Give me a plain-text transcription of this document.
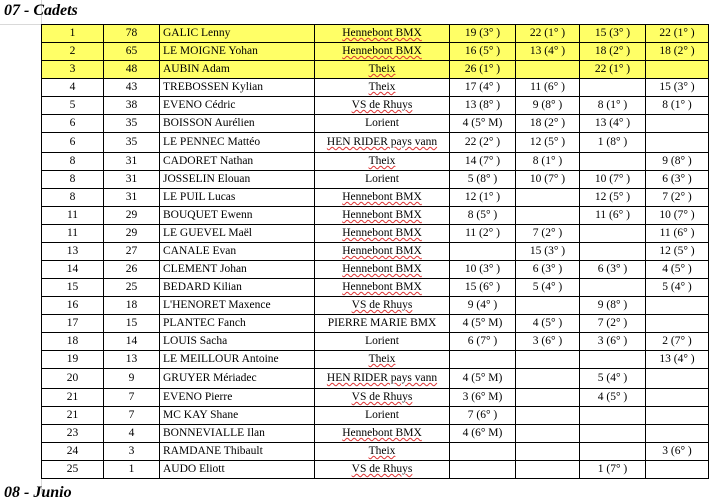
07 - Cadets
1	78	GALIC Lenny	Hennebont BMX	19 (3° )	22 (1° )	15 (3° )	22 (1° )
2	65	LE MOIGNE Yohan	Hennebont BMX	16 (5° )	13 (4° )	18 (2° )	18 (2° )
3	48	AUBIN Adam	Theix	26 (1° )		22 (1° )	
4	43	TREBOSSEN Kylian	Theix	17 (4° )	11 (6° )		15 (3° )
5	38	EVENO Cédric	VS de Rhuys	13 (8° )	9 (8° )	8 (1° )	8 (1° )
6	35	BOISSON Aurélien	Lorient	4 (5° M)	18 (2° )	13 (4° )	
6	35	LE PENNEC Mattéo	HEN RIDER pays vann	22 (2° )	12 (5° )	1 (8° )	
8	31	CADORET Nathan	Theix	14 (7° )	8 (1° )		9 (8° )
8	31	JOSSELIN Elouan	Lorient	5 (8° )	10 (7° )	10 (7° )	6 (3° )
8	31	LE PUIL Lucas	Hennebont BMX	12 (1° )		12 (5° )	7 (2° )
11	29	BOUQUET Ewenn	Hennebont BMX	8 (5° )		11 (6° )	10 (7° )
11	29	LE GUEVEL Maël	Hennebont BMX	11 (2° )	7 (2° )		11 (6° )
13	27	CANALE Evan	Hennebont BMX		15 (3° )		12 (5° )
14	26	CLEMENT Johan	Hennebont BMX	10 (3° )	6 (3° )	6 (3° )	4 (5° )
15	25	BEDARD Kilian	Hennebont BMX	15 (6° )	5 (4° )		5 (4° )
16	18	L'HENORET Maxence	VS de Rhuys	9 (4° )		9 (8° )	
17	15	PLANTEC Fanch	PIERRE MARIE BMX	4 (5° M)	4 (5° )	7 (2° )	
18	14	LOUIS Sacha	Lorient	6 (7° )	3 (6° )	3 (6° )	2 (7° )
19	13	LE MEILLOUR Antoine	Theix				13 (4° )
20	9	GRUYER Mériadec	HEN RIDER pays vann	4 (5° M)		5 (4° )	
21	7	EVENO Pierre	VS de Rhuys	3 (6° M)		4 (5° )	
21	7	MC KAY Shane	Lorient	7 (6° )			
23	4	BONNEVIALLE Ilan	Hennebont BMX	4 (6° M)			
24	3	RAMDANE Thibault	Theix				3 (6° )
25	1	AUDO Eliott	VS de Rhuys			1 (7° )	
08 - Junio
